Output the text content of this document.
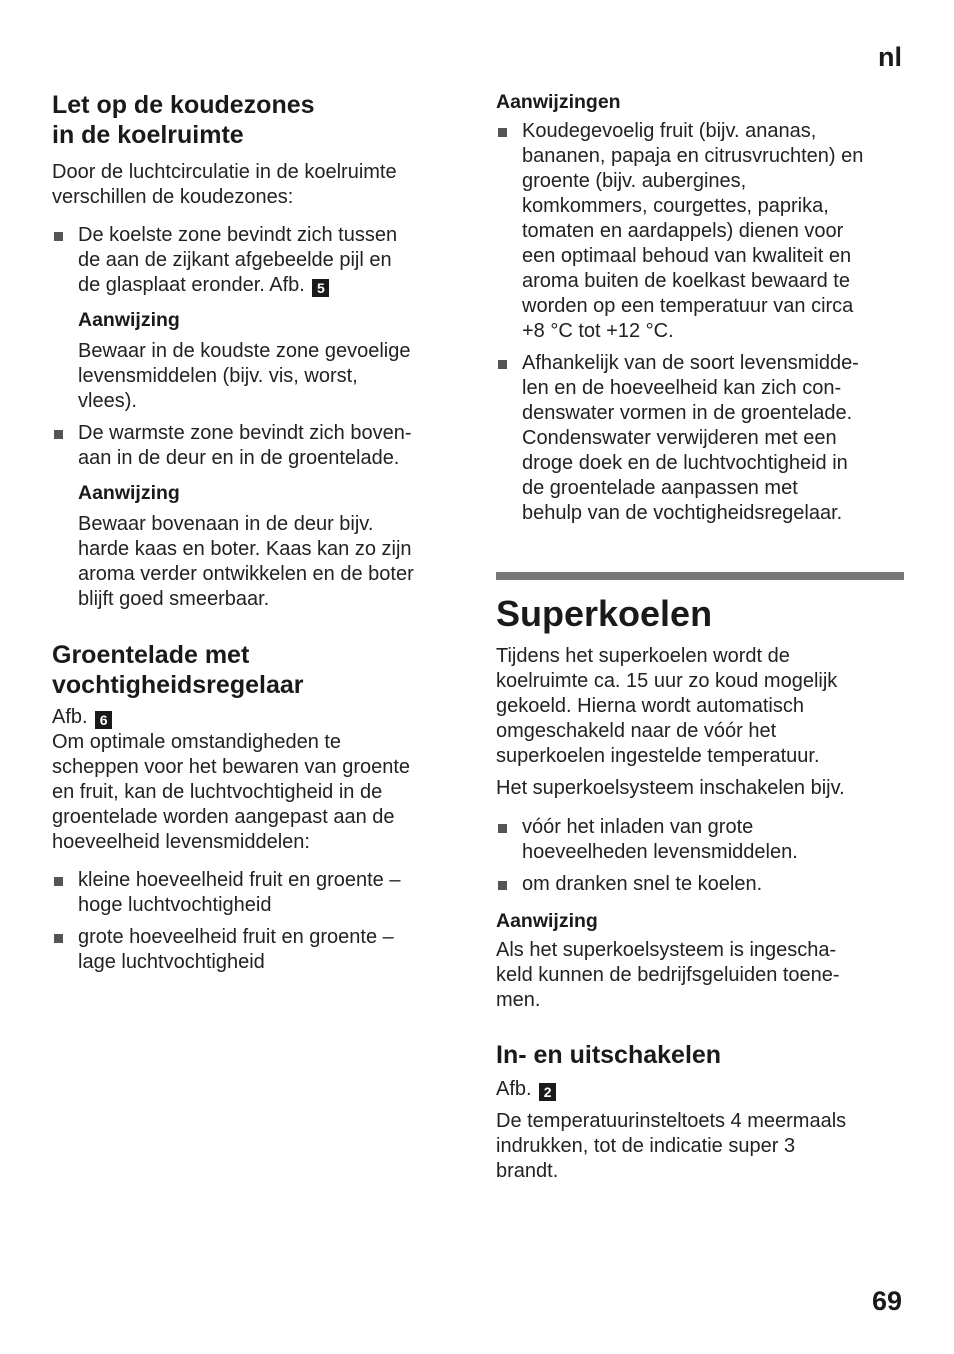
nl
Let op de koudezones
in de koelruimte

Door de luchtcirculatie in de koelruimte
verschillen de koudezones:

De koelste zone bevindt zich tussen
de aan de zijkant afgebeelde pijl en
de glasplaat eronder. Afb. 5
Aanwijzing

Bewaar in de koudste zone gevoelige
levensmiddelen (bijv. vis, worst,
vlees).

De warmste zone bevindt zich boven-
aan in de deur en in de groentelade.
Aanwijzing

Bewaar bovenaan in de deur bijv.
harde kaas en boter. Kaas kan zo zijn
aroma verder ontwikkelen en de boter
blijft goed smeerbaar.

Groentelade met
vochtigheidsregelaar
Afb. 6

Om optimale omstandigheden te
scheppen voor het bewaren van groente
en fruit, kan de luchtvochtigheid in de
groentelade worden aangepast aan de
hoeveelheid levensmiddelen:

kleine hoeveelheid fruit en groente –
hoge luchtvochtigheid
grote hoeveelheid fruit en groente –
lage luchtvochtigheid
Aanwijzingen
Koudegevoelig fruit (bijv. ananas,
bananen, papaja en citrusvruchten) en
groente (bijv. aubergines,
komkommers, courgettes, paprika,
tomaten en aardappels) dienen voor
een optimaal behoud van kwaliteit en
aroma buiten de koelkast bewaard te
worden op een temperatuur van circa
+8 °C tot +12 °C.
Afhankelijk van de soort levensmidde-
len en de hoeveelheid kan zich con-
denswater vormen in de groentelade.
Condenswater verwijderen met een
droge doek en de luchtvochtigheid in
de groentelade aanpassen met
behulp van de vochtigheidsregelaar.
Superkoelen

Tijdens het superkoelen wordt de
koelruimte ca. 15 uur zo koud mogelijk
gekoeld. Hierna wordt automatisch
omgeschakeld naar de vóór het
superkoelen ingestelde temperatuur.

Het superkoelsysteem inschakelen bijv.

vóór het inladen van grote
hoeveelheden levensmiddelen.
om dranken snel te koelen.
Aanwijzing

Als het superkoelsysteem is ingescha-
keld kunnen de bedrijfsgeluiden toene-
men.

In- en uitschakelen
Afb. 2

De temperatuurinsteltoets 4 meermaals
indrukken, tot de indicatie super 3
brandt.

69
